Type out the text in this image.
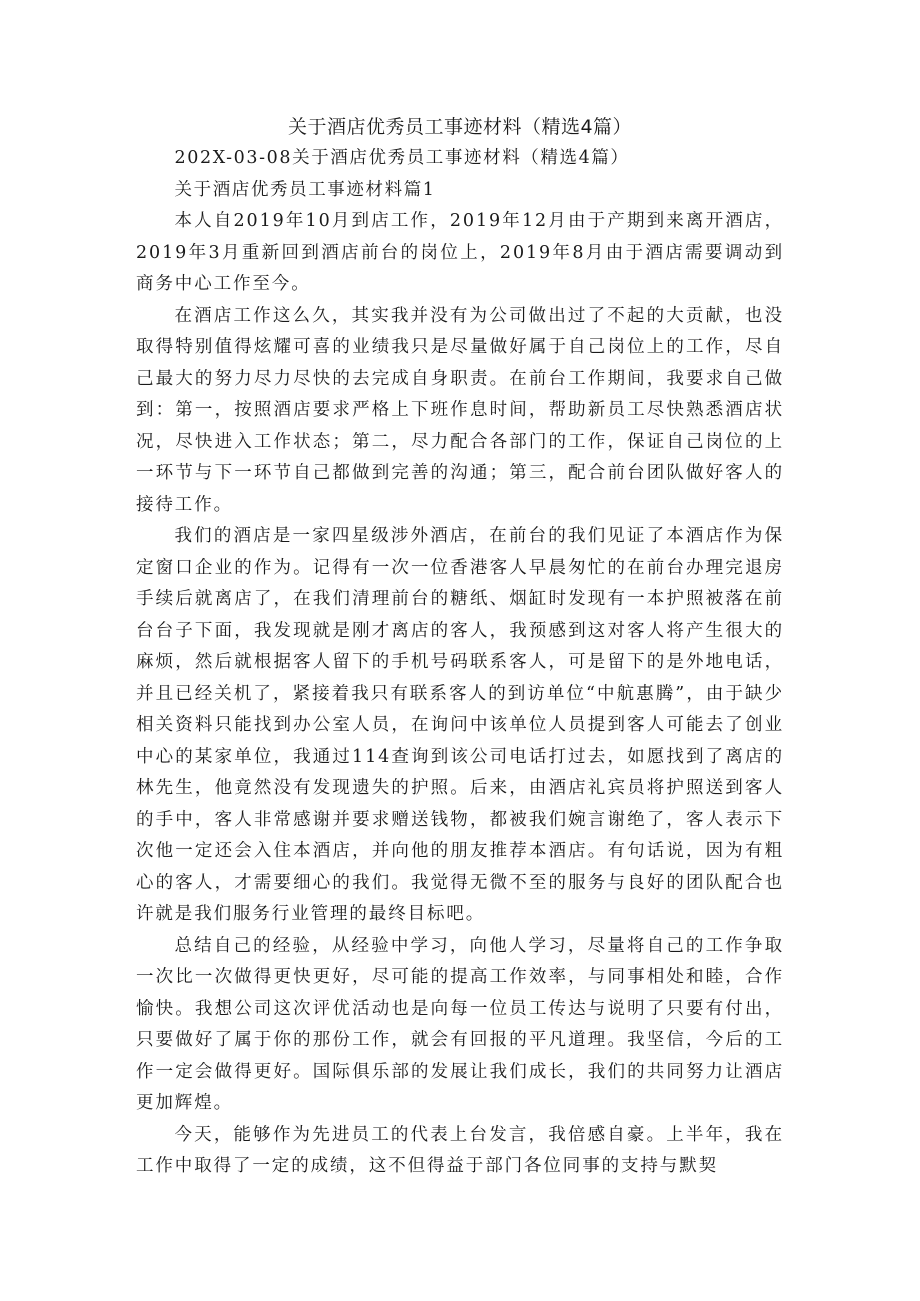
关于酒店优秀员工事迹材料（精选4篇）

202X-03-08关于酒店优秀员工事迹材料（精选4篇）

关于酒店优秀员工事迹材料篇1

本人自2019年10月到店工作，2019年12月由于产期到来离开酒店，2019年3月重新回到酒店前台的岗位上，2019年8月由于酒店需要调动到商务中心工作至今。

在酒店工作这么久，其实我并没有为公司做出过了不起的大贡献，也没取得特别值得炫耀可喜的业绩我只是尽量做好属于自己岗位上的工作，尽自己最大的努力尽力尽快的去完成自身职责。在前台工作期间，我要求自己做到：第一，按照酒店要求严格上下班作息时间，帮助新员工尽快熟悉酒店状况，尽快进入工作状态；第二，尽力配合各部门的工作，保证自己岗位的上一环节与下一环节自己都做到完善的沟通；第三，配合前台团队做好客人的接待工作。

我们的酒店是一家四星级涉外酒店，在前台的我们见证了本酒店作为保定窗口企业的作为。记得有一次一位香港客人早晨匆忙的在前台办理完退房手续后就离店了，在我们清理前台的糖纸、烟缸时发现有一本护照被落在前台台子下面，我发现就是刚才离店的客人，我预感到这对客人将产生很大的麻烦，然后就根据客人留下的手机号码联系客人，可是留下的是外地电话，并且已经关机了，紧接着我只有联系客人的到访单位“中航惠腾”，由于缺少相关资料只能找到办公室人员，在询问中该单位人员提到客人可能去了创业中心的某家单位，我通过114查询到该公司电话打过去，如愿找到了离店的林先生，他竟然没有发现遗失的护照。后来，由酒店礼宾员将护照送到客人的手中，客人非常感谢并要求赠送钱物，都被我们婉言谢绝了，客人表示下次他一定还会入住本酒店，并向他的朋友推荐本酒店。有句话说，因为有粗心的客人，才需要细心的我们。我觉得无微不至的服务与良好的团队配合也许就是我们服务行业管理的最终目标吧。

总结自己的经验，从经验中学习，向他人学习，尽量将自己的工作争取一次比一次做得更快更好，尽可能的提高工作效率，与同事相处和睦，合作愉快。我想公司这次评优活动也是向每一位员工传达与说明了只要有付出，只要做好了属于你的那份工作，就会有回报的平凡道理。我坚信，今后的工作一定会做得更好。国际俱乐部的发展让我们成长，我们的共同努力让酒店更加辉煌。

今天，能够作为先进员工的代表上台发言，我倍感自豪。上半年，我在工作中取得了一定的成绩，这不但得益于部门各位同事的支持与默契
